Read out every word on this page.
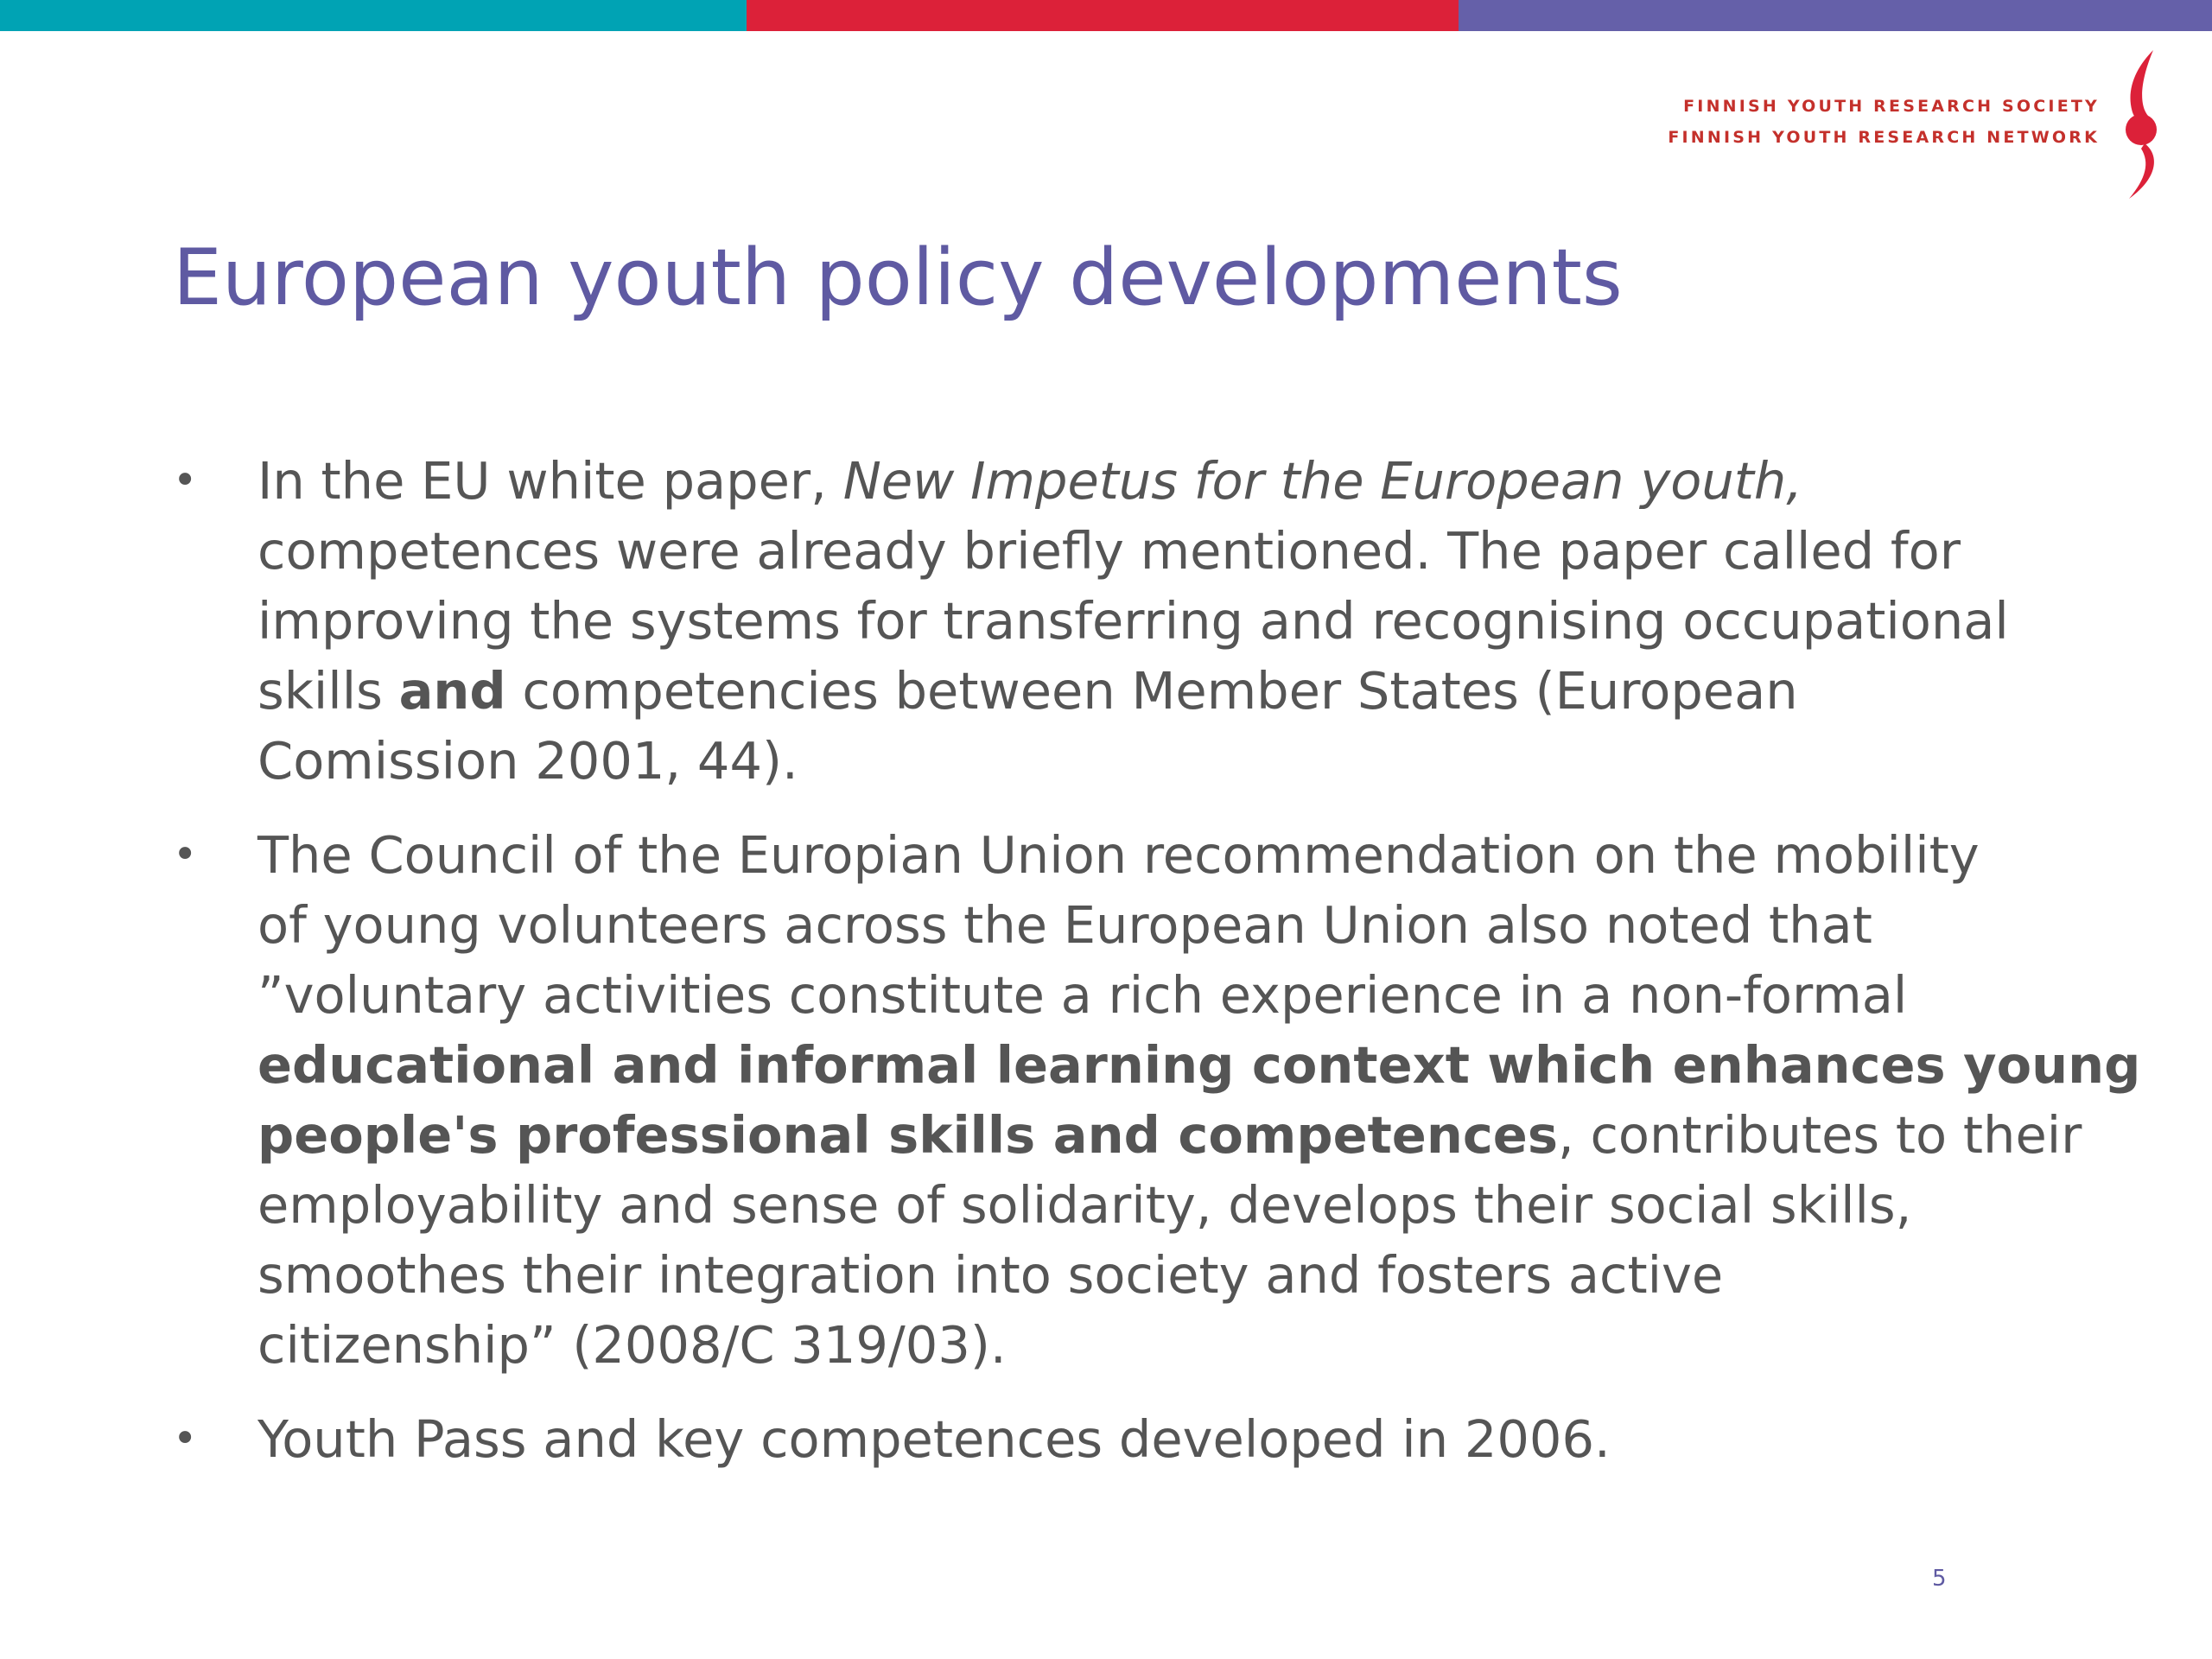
FINNISH YOUTH RESEARCH SOCIETY
FINNISH YOUTH RESEARCH NETWORK
European youth policy developments
•
In the EU white paper, New Impetus for the European youth,
competences were already briefly mentioned. The paper called for
improving the systems for transferring and recognising occupational
skills and competencies between Member States (European
Comission 2001, 44).
•
The Council of the Europian Union recommendation on the mobility
of young volunteers across the European Union also noted that
”voluntary activities constitute a rich experience in a non-formal
educational and informal learning context which enhances young
people's professional skills and competences, contributes to their
employability and sense of solidarity, develops their social skills,
smoothes their integration into society and fosters active
citizenship” (2008/C 319/03).
•
Youth Pass and key competences developed in 2006.
5
